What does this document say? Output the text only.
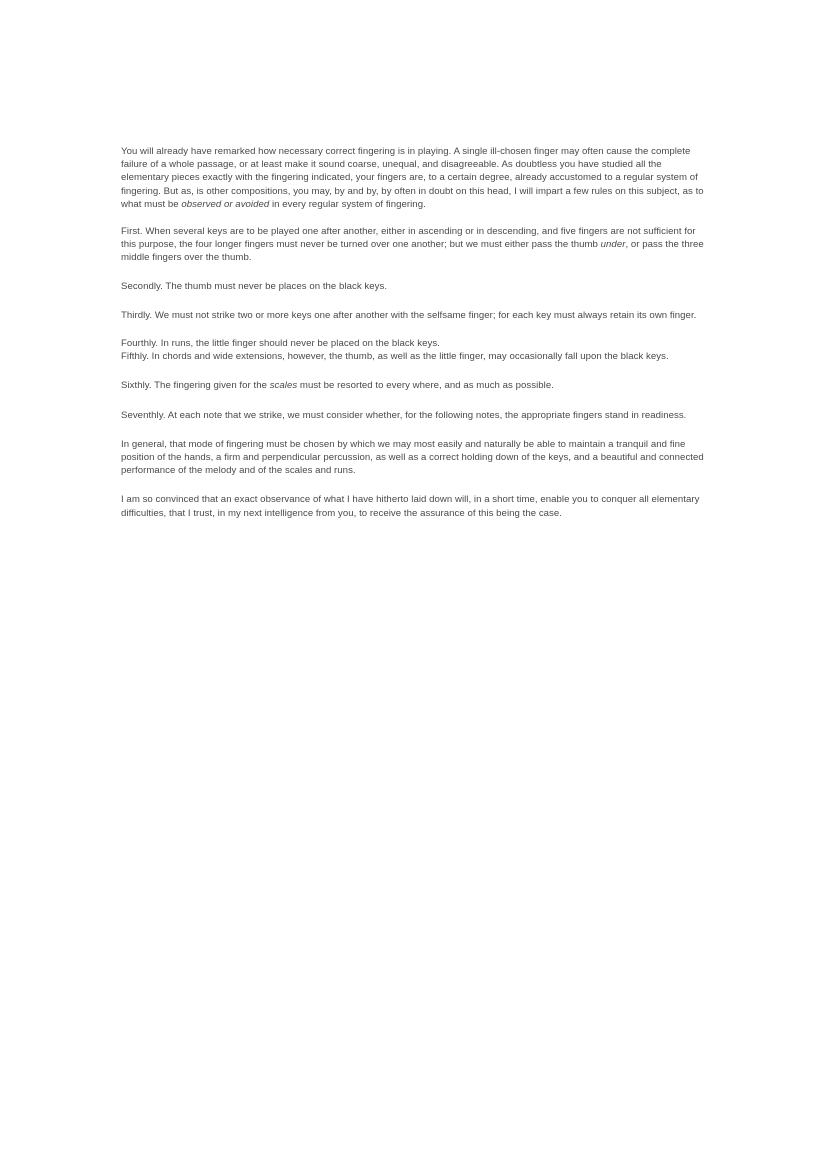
You will already have remarked how necessary correct fingering is in playing. A single ill-chosen finger may often cause the complete failure of a whole passage, or at least make it sound coarse, unequal, and disagreeable. As doubtless you have studied all the elementary pieces exactly with the fingering indicated, your fingers are, to a certain degree, already accustomed to a regular system of fingering. But as, is other compositions, you may, by and by, by often in doubt on this head, I will impart a few rules on this subject, as to what must be observed or avoided in every regular system of fingering.

First. When several keys are to be played one after another, either in ascending or in descending, and five fingers are not sufficient for this purpose, the four longer fingers must never be turned over one another; but we must either pass the thumb under, or pass the three middle fingers over the thumb.

Secondly. The thumb must never be places on the black keys.

Thirdly. We must not strike two or more keys one after another with the selfsame finger; for each key must always retain its own finger.

Fourthly. In runs, the little finger should never be placed on the black keys.

Fifthly. In chords and wide extensions, however, the thumb, as well as the little finger, may occasionally fall upon the black keys.

Sixthly. The fingering given for the scales must be resorted to every where, and as much as possible.

Seventhly. At each note that we strike, we must consider whether, for the following notes, the appropriate fingers stand in readiness.

In general, that mode of fingering must be chosen by which we may most easily and naturally be able to maintain a tranquil and fine position of the hands, a firm and perpendicular percussion, as well as a correct holding down of the keys, and a beautiful and connected performance of the melody and of the scales and runs.

I am so convinced that an exact observance of what I have hitherto laid down will, in a short time, enable you to conquer all elementary difficulties, that I trust, in my next intelligence from you, to receive the assurance of this being the case.
